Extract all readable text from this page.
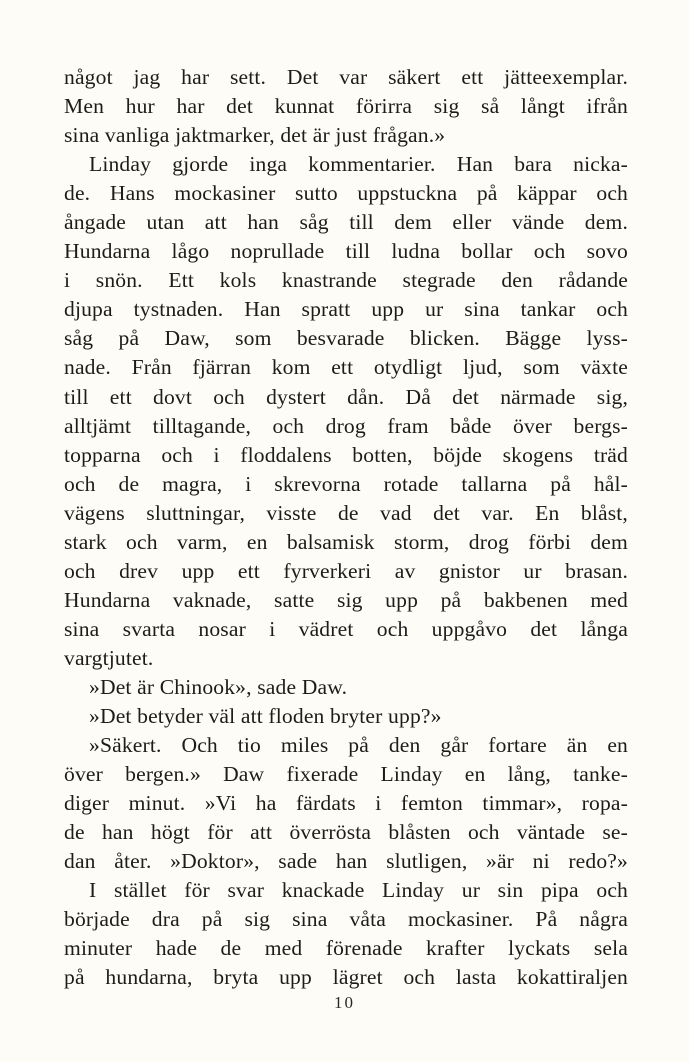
något jag har sett. Det var säkert ett jätteexemplar.
Men hur har det kunnat förirra sig så långt ifrån
sina vanliga jaktmarker, det är just frågan.»
Linday gjorde inga kommentarier. Han bara nicka-
de. Hans mockasiner sutto uppstuckna på käppar och
ångade utan att han såg till dem eller vände dem.
Hundarna lågo noprullade till ludna bollar och sovo
i snön. Ett kols knastrande stegrade den rådande
djupa tystnaden. Han spratt upp ur sina tankar och
såg på Daw, som besvarade blicken. Bägge lyss-
nade. Från fjärran kom ett otydligt ljud, som växte
till ett dovt och dystert dån. Då det närmade sig,
alltjämt tilltagande, och drog fram både över bergs-
topparna och i floddalens botten, böjde skogens träd
och de magra, i skrevorna rotade tallarna på hål-
vägens sluttningar, visste de vad det var. En blåst,
stark och varm, en balsamisk storm, drog förbi dem
och drev upp ett fyrverkeri av gnistor ur brasan.
Hundarna vaknade, satte sig upp på bakbenen med
sina svarta nosar i vädret och uppgåvo det långa
vargtjutet.
»Det är Chinook», sade Daw.
»Det betyder väl att floden bryter upp?»
»Säkert. Och tio miles på den går fortare än en
över bergen.» Daw fixerade Linday en lång, tanke-
diger minut. »Vi ha färdats i femton timmar», ropa-
de han högt för att överrösta blåsten och väntade se-
dan åter. »Doktor», sade han slutligen, »är ni redo?»
I stället för svar knackade Linday ur sin pipa och
började dra på sig sina våta mockasiner. På några
minuter hade de med förenade krafter lyckats sela
på hundarna, bryta upp lägret och lasta kokattiraljen
10
